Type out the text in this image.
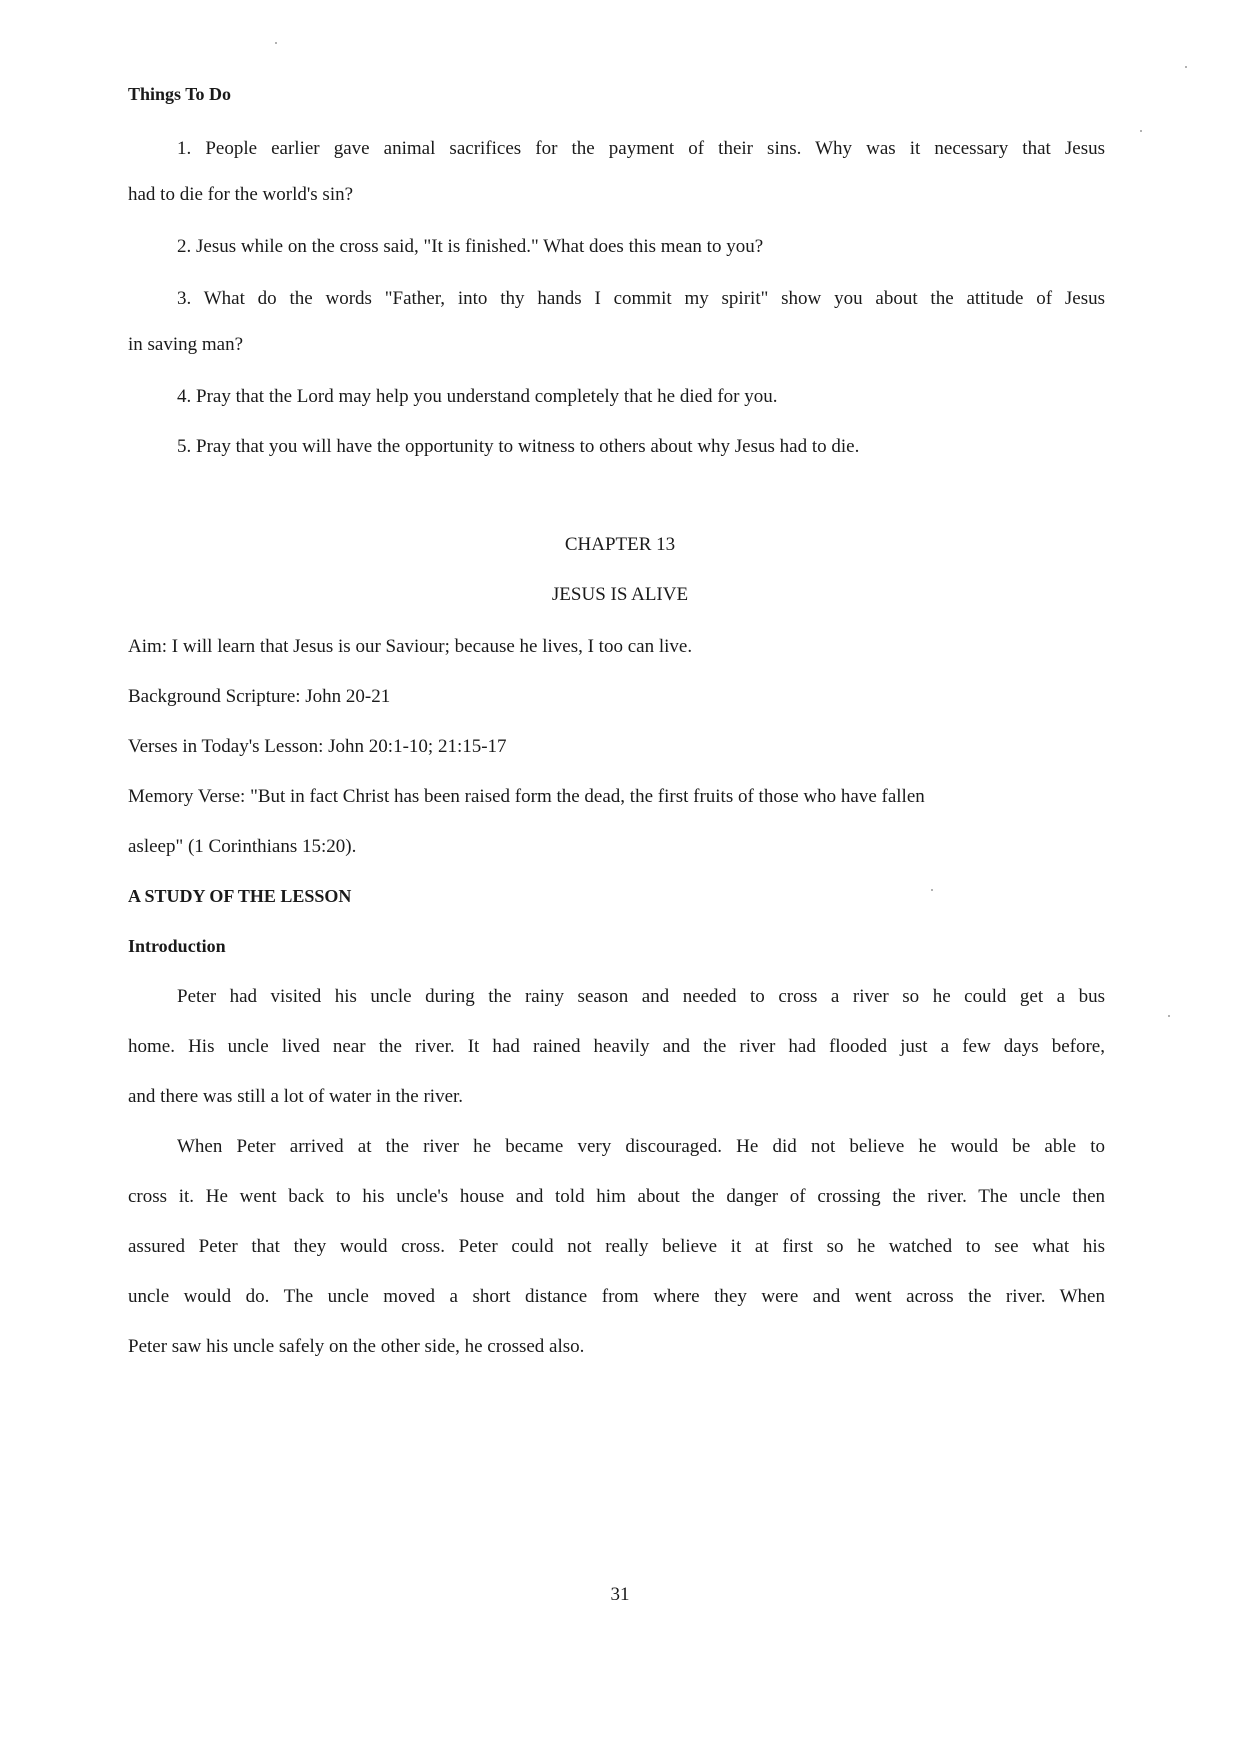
Things To Do
1. People earlier gave animal sacrifices for the payment of their sins. Why was it necessary that Jesus
had to die for the world's sin?
2. Jesus while on the cross said, "It is finished." What does this mean to you?
3. What do the words "Father, into thy hands I commit my spirit" show you about the attitude of Jesus
in saving man?
4. Pray that the Lord may help you understand completely that he died for you.
5. Pray that you will have the opportunity to witness to others about why Jesus had to die.
CHAPTER 13
JESUS IS ALIVE
Aim: I will learn that Jesus is our Saviour; because he lives, I too can live.
Background Scripture: John 20-21
Verses in Today's Lesson: John 20:1-10; 21:15-17
Memory Verse: "But in fact Christ has been raised form the dead, the first fruits of those who have fallen
asleep" (1 Corinthians 15:20).
A STUDY OF THE LESSON
Introduction
Peter had visited his uncle during the rainy season and needed to cross a river so he could get a bus
home. His uncle lived near the river. It had rained heavily and the river had flooded just a few days before,
and there was still a lot of water in the river.
When Peter arrived at the river he became very discouraged. He did not believe he would be able to
cross it. He went back to his uncle's house and told him about the danger of crossing the river. The uncle then
assured Peter that they would cross. Peter could not really believe it at first so he watched to see what his
uncle would do. The uncle moved a short distance from where they were and went across the river. When
Peter saw his uncle safely on the other side, he crossed also.
31
